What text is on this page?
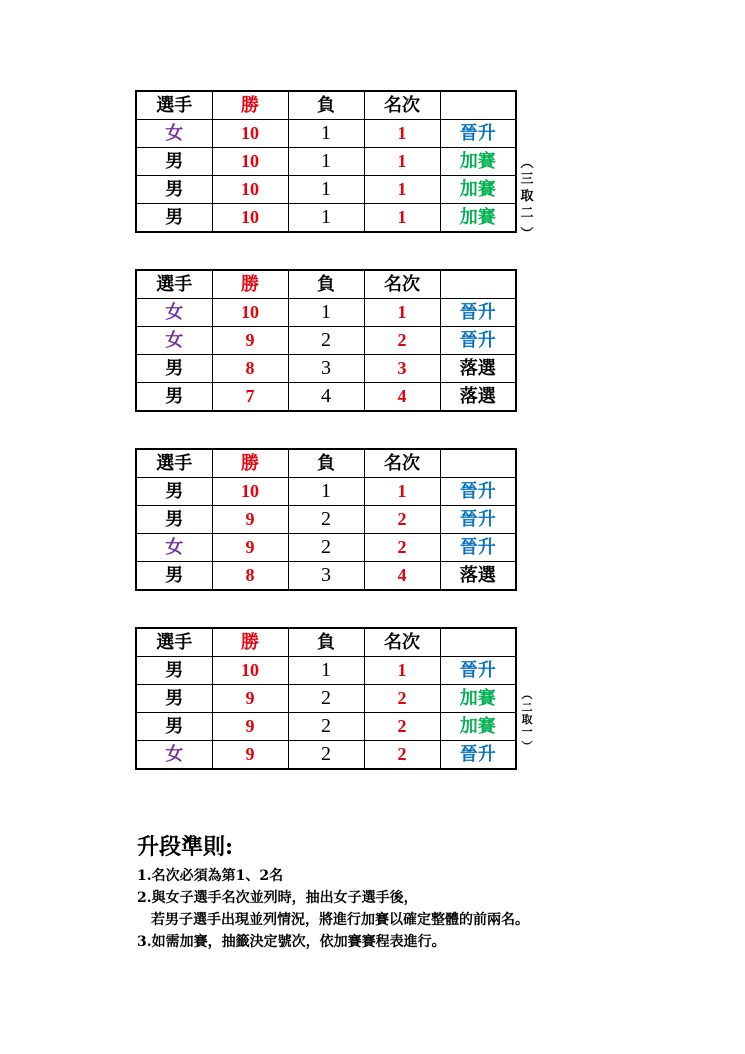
選手	勝	負	名次	
女	10	1	1	晉升
男	10	1	1	加賽
男	10	1	1	加賽
男	10	1	1	加賽
︵
三
取
二
︶
選手	勝	負	名次	
女	10	1	1	晉升
女	9	2	2	晉升
男	8	3	3	落選
男	7	4	4	落選
選手	勝	負	名次	
男	10	1	1	晉升
男	9	2	2	晉升
女	9	2	2	晉升
男	8	3	4	落選
選手	勝	負	名次	
男	10	1	1	晉升
男	9	2	2	加賽
男	9	2	2	加賽
女	9	2	2	晉升
︵
二
取
一
︶
升段準則:
1.名次必須為第1、2名
2.與女子選手名次並列時，抽出女子選手後，
若男子選手出現並列情況，將進行加賽以確定整體的前兩名。
3.如需加賽，抽籤決定號次，依加賽賽程表進行。
